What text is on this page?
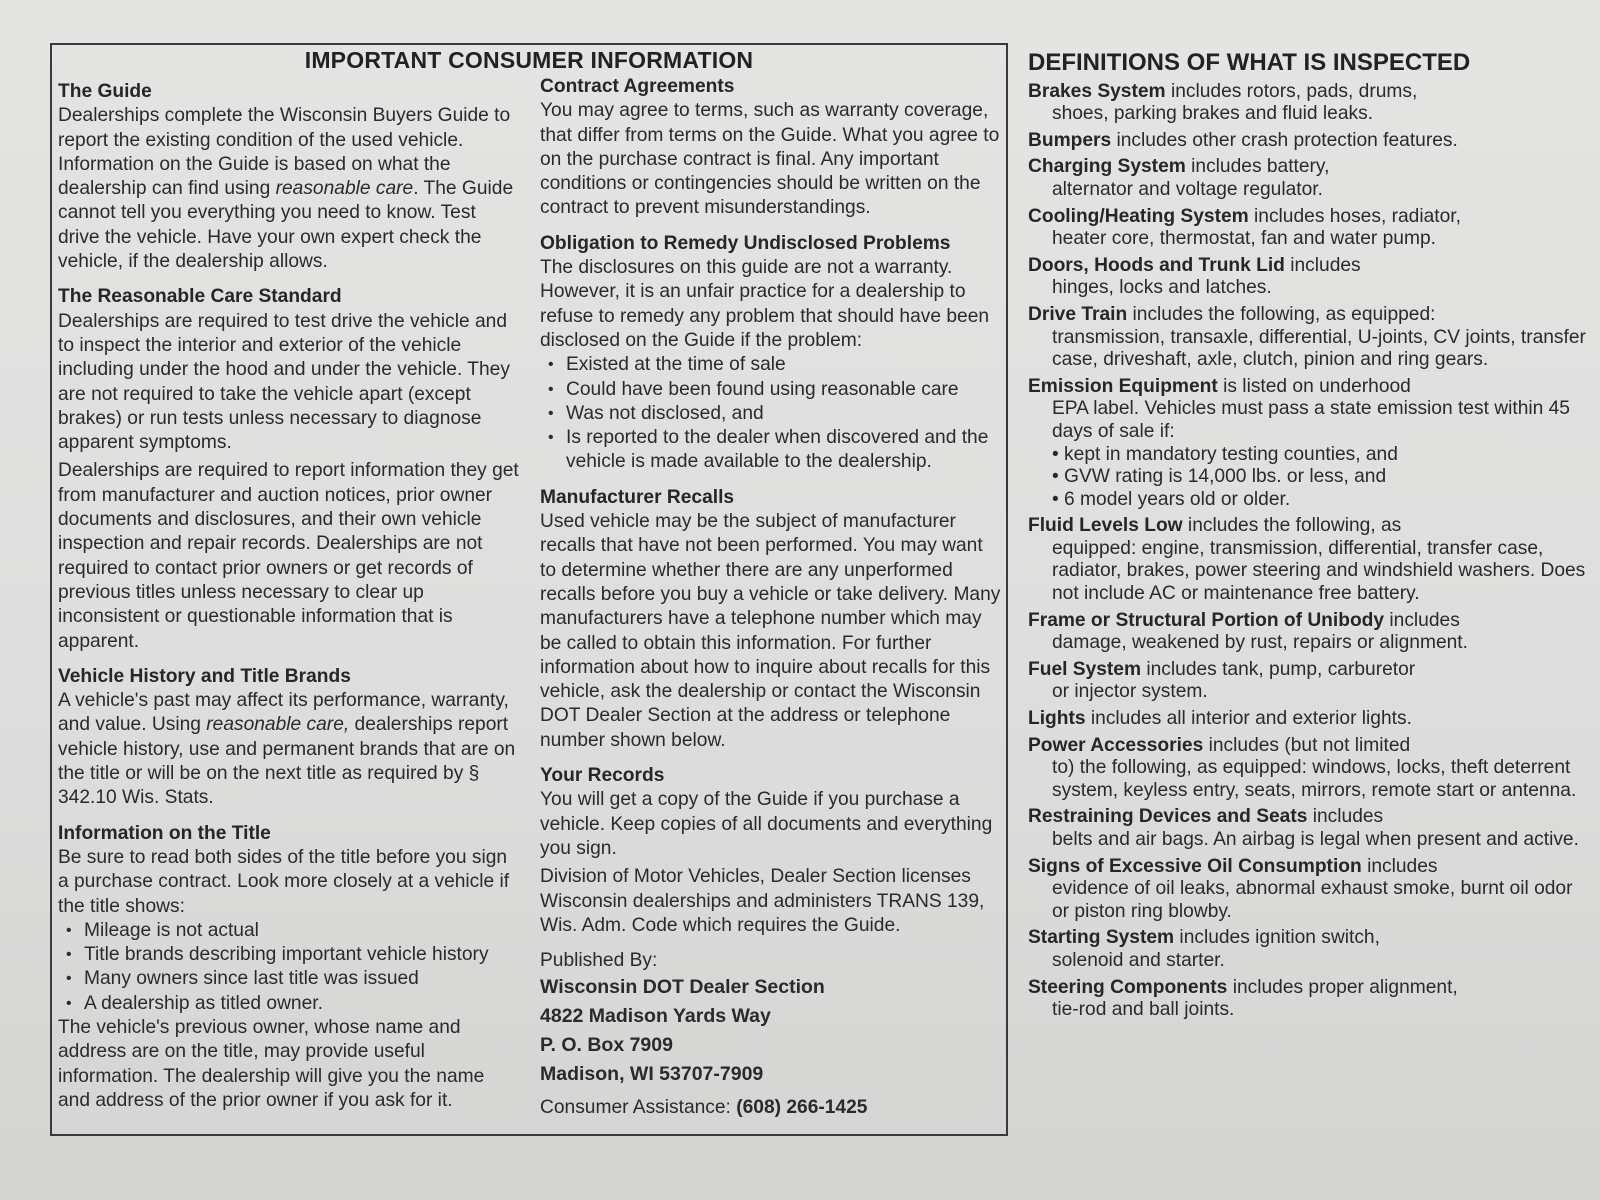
IMPORTANT CONSUMER INFORMATION
The Guide

Dealerships complete the Wisconsin Buyers Guide to report the existing condition of the used vehicle. Information on the Guide is based on what the dealership can find using reasonable care. The Guide cannot tell you everything you need to know. Test drive the vehicle. Have your own expert check the vehicle, if the dealership allows.

The Reasonable Care Standard

Dealerships are required to test drive the vehicle and to inspect the interior and exterior of the vehicle including under the hood and under the vehicle. They are not required to take the vehicle apart (except brakes) or run tests unless necessary to diagnose apparent symptoms.

Dealerships are required to report information they get from manufacturer and auction notices, prior owner documents and disclosures, and their own vehicle inspection and repair records. Dealerships are not required to contact prior owners or get records of previous titles unless necessary to clear up inconsistent or questionable information that is apparent.

Vehicle History and Title Brands

A vehicle's past may affect its performance, warranty, and value. Using reasonable care, dealerships report vehicle history, use and permanent brands that are on the title or will be on the next title as required by § 342.10 Wis. Stats.

Information on the Title

Be sure to read both sides of the title before you sign a purchase contract. Look more closely at a vehicle if the title shows:

• Mileage is not actual
• Title brands describing important vehicle history
• Many owners since last title was issued
• A dealership as titled owner.

The vehicle's previous owner, whose name and address are on the title, may provide useful information. The dealership will give you the name and address of the prior owner if you ask for it.

Contract Agreements

You may agree to terms, such as warranty coverage, that differ from terms on the Guide. What you agree to on the purchase contract is final. Any important conditions or contingencies should be written on the contract to prevent misunderstandings.

Obligation to Remedy Undisclosed Problems

The disclosures on this guide are not a warranty. However, it is an unfair practice for a dealership to refuse to remedy any problem that should have been disclosed on the Guide if the problem:

• Existed at the time of sale
• Could have been found using reasonable care
• Was not disclosed, and
• Is reported to the dealer when discovered and the vehicle is made available to the dealership.
Manufacturer Recalls

Used vehicle may be the subject of manufacturer recalls that have not been performed. You may want to determine whether there are any unperformed recalls before you buy a vehicle or take delivery. Many manufacturers have a telephone number which may be called to obtain this information. For further information about how to inquire about recalls for this vehicle, ask the dealership or contact the Wisconsin DOT Dealer Section at the address or telephone number shown below.

Your Records

You will get a copy of the Guide if you purchase a vehicle. Keep copies of all documents and everything you sign.

Division of Motor Vehicles, Dealer Section licenses Wisconsin dealerships and administers TRANS 139, Wis. Adm. Code which requires the Guide.

Published By:
Wisconsin DOT Dealer Section
4822 Madison Yards Way
P. O. Box 7909
Madison, WI 53707-7909
Consumer Assistance: (608) 266-1425
DEFINITIONS OF WHAT IS INSPECTED
Brakes System includes rotors, pads, drums,
shoes, parking brakes and fluid leaks.
Bumpers includes other crash protection features.
Charging System includes battery,
alternator and voltage regulator.
Cooling/Heating System includes hoses, radiator,
heater core, thermostat, fan and water pump.
Doors, Hoods and Trunk Lid includes
hinges, locks and latches.
Drive Train includes the following, as equipped:
transmission, transaxle, differential, U-joints, CV joints, transfer case, driveshaft, axle, clutch, pinion and ring gears.
Emission Equipment is listed on underhood
EPA label. Vehicles must pass a state emission test within 45 days of sale if:
• kept in mandatory testing counties, and
• GVW rating is 14,000 lbs. or less, and
• 6 model years old or older.
Fluid Levels Low includes the following, as
equipped: engine, transmission, differential, transfer case, radiator, brakes, power steering and windshield washers. Does not include AC or maintenance free battery.
Frame or Structural Portion of Unibody includes
damage, weakened by rust, repairs or alignment.
Fuel System includes tank, pump, carburetor
or injector system.
Lights includes all interior and exterior lights.
Power Accessories includes (but not limited
to) the following, as equipped: windows, locks, theft deterrent system, keyless entry, seats, mirrors, remote start or antenna.
Restraining Devices and Seats includes
belts and air bags. An airbag is legal when present and active.
Signs of Excessive Oil Consumption includes
evidence of oil leaks, abnormal exhaust smoke, burnt oil odor or piston ring blowby.
Starting System includes ignition switch,
solenoid and starter.
Steering Components includes proper alignment,
tie-rod and ball joints.
